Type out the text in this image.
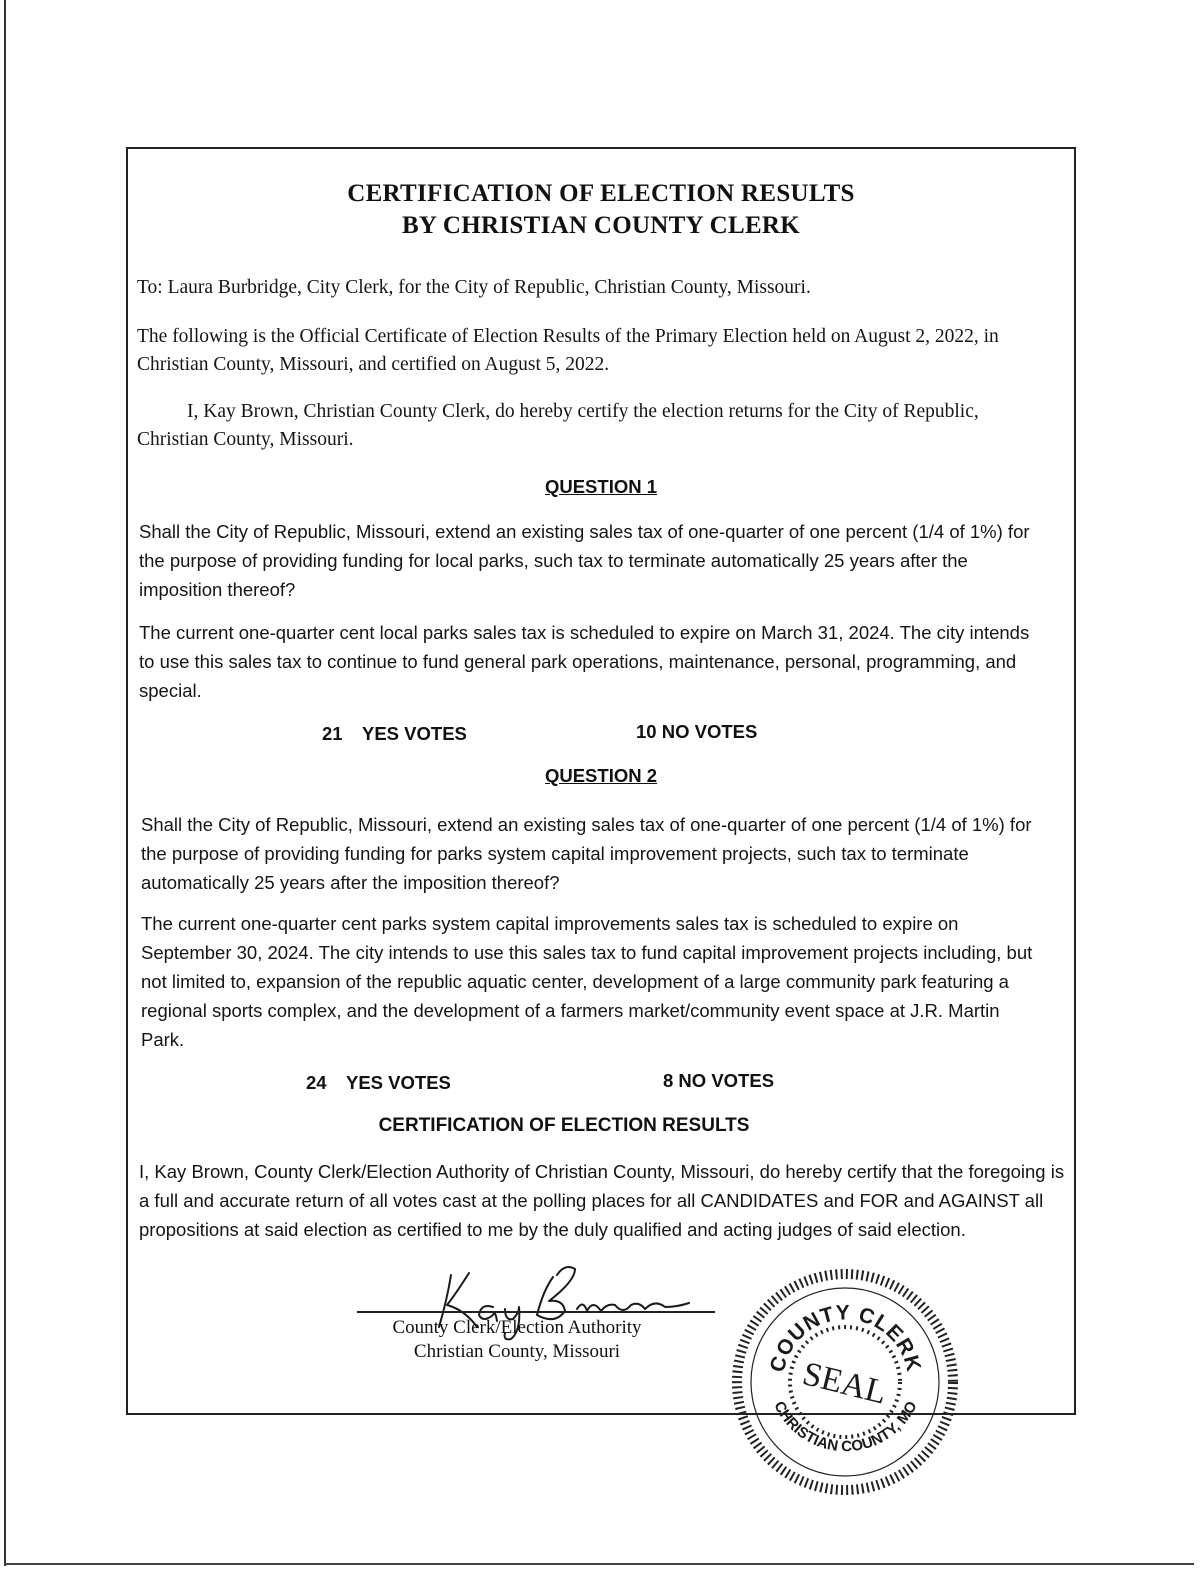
CERTIFICATION OF ELECTION RESULTS
BY CHRISTIAN COUNTY CLERK

To: Laura Burbridge, City Clerk, for the City of Republic, Christian County, Missouri.

The following is the Official Certificate of Election Results of the Primary Election held on August 2, 2022, in Christian County, Missouri, and certified on August 5, 2022.

I, Kay Brown, Christian County Clerk, do hereby certify the election returns for the City of Republic, Christian County, Missouri.

QUESTION 1

Shall the City of Republic, Missouri, extend an existing sales tax of one-quarter of one percent (1/4 of 1%) for the purpose of providing funding for local parks, such tax to terminate automatically 25 years after the imposition thereof?

The current one-quarter cent local parks sales tax is scheduled to expire on March 31, 2024. The city intends to use this sales tax to continue to fund general park operations, maintenance, personal, programming, and special.

21 YES VOTES	10 NO VOTES
QUESTION 2

Shall the City of Republic, Missouri, extend an existing sales tax of one-quarter of one percent (1/4 of 1%) for the purpose of providing funding for parks system capital improvement projects, such tax to terminate automatically 25 years after the imposition thereof?

The current one-quarter cent parks system capital improvements sales tax is scheduled to expire on September 30, 2024. The city intends to use this sales tax to fund capital improvement projects including, but not limited to, expansion of the republic aquatic center, development of a large community park featuring a regional sports complex, and the development of a farmers market/community event space at J.R. Martin Park.

24 YES VOTES	8 NO VOTES
CERTIFICATION OF ELECTION RESULTS

I, Kay Brown, County Clerk/Election Authority of Christian County, Missouri, do hereby certify that the foregoing is a full and accurate return of all votes cast at the polling places for all CANDIDATES and FOR and AGAINST all propositions at said election as certified to me by the duly qualified and acting judges of said election.

County Clerk/Election Authority
Christian County, Missouri
COUNTY CLERK
CHRISTIAN COUNTY, MO
SEAL
